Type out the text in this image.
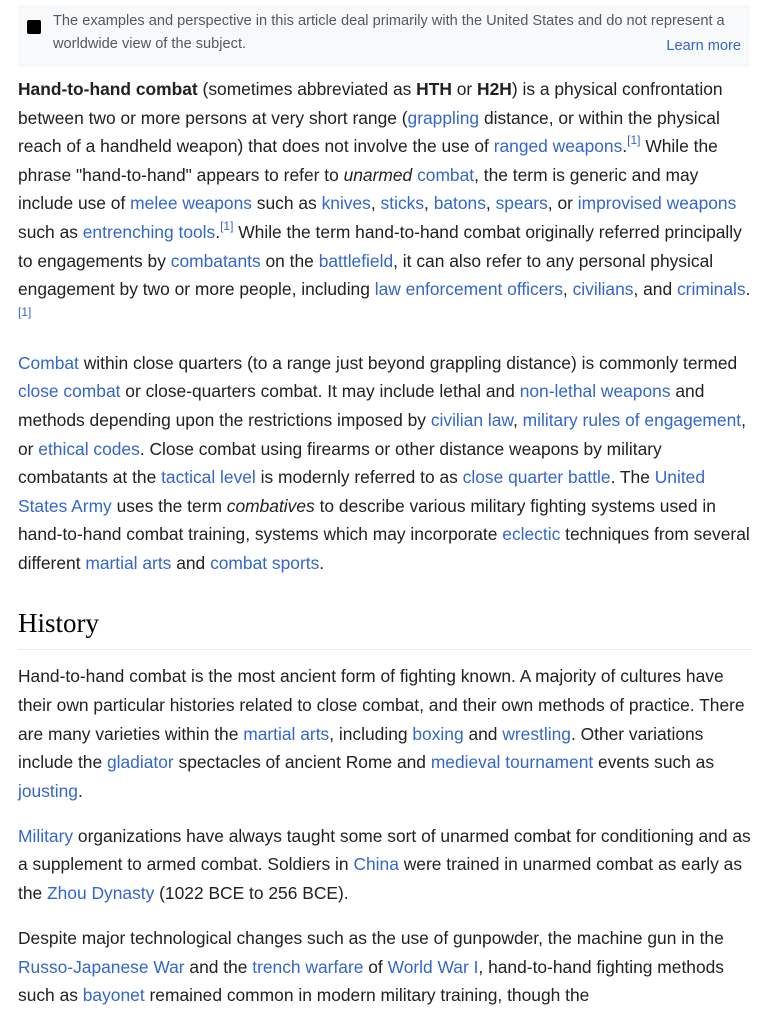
The examples and perspective in this article deal primarily with the United States and do not represent a worldwide view of the subject.	Learn more

Hand-to-hand combat (sometimes abbreviated as HTH or H2H) is a physical confrontation between two or more persons at very short range (grappling distance, or within the physical reach of a handheld weapon) that does not involve the use of ranged weapons.[1] While the phrase "hand-to-hand" appears to refer to unarmed combat, the term is generic and may include use of melee weapons such as knives, sticks, batons, spears, or improvised weapons such as entrenching tools.[1] While the term hand-to-hand combat originally referred principally to engagements by combatants on the battlefield, it can also refer to any personal physical engagement by two or more people, including law enforcement officers, civilians, and criminals.[1]

Combat within close quarters (to a range just beyond grappling distance) is commonly termed close combat or close-quarters combat. It may include lethal and non-lethal weapons and methods depending upon the restrictions imposed by civilian law, military rules of engagement, or ethical codes. Close combat using firearms or other distance weapons by military combatants at the tactical level is modernly referred to as close quarter battle. The United States Army uses the term combatives to describe various military fighting systems used in hand-to-hand combat training, systems which may incorporate eclectic techniques from several different martial arts and combat sports.

History

Hand-to-hand combat is the most ancient form of fighting known. A majority of cultures have their own particular histories related to close combat, and their own methods of practice. There are many varieties within the martial arts, including boxing and wrestling. Other variations include the gladiator spectacles of ancient Rome and medieval tournament events such as jousting.

Military organizations have always taught some sort of unarmed combat for conditioning and as a supplement to armed combat. Soldiers in China were trained in unarmed combat as early as the Zhou Dynasty (1022 BCE to 256 BCE).

Despite major technological changes such as the use of gunpowder, the machine gun in the Russo-Japanese War and the trench warfare of World War I, hand-to-hand fighting methods such as bayonet remained common in modern military training, though the
